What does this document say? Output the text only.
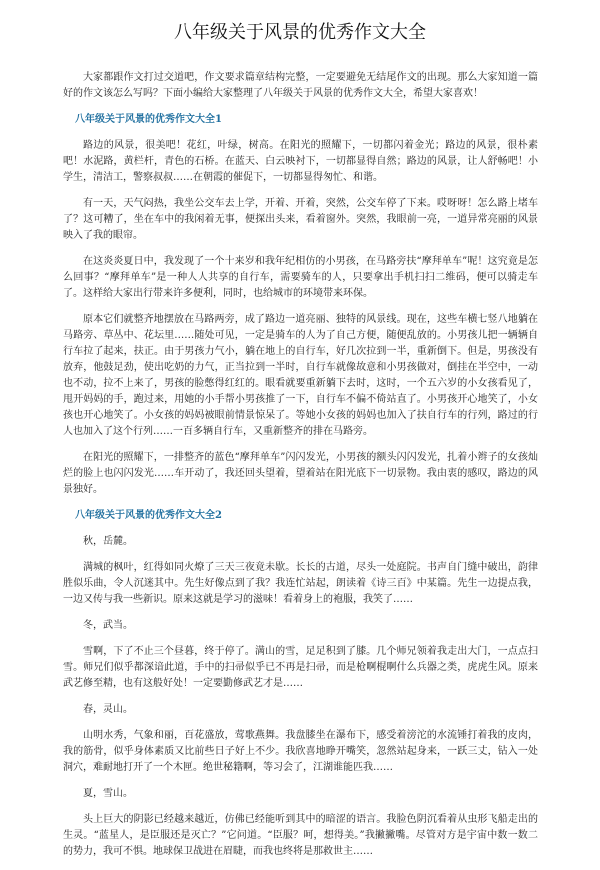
八年级关于风景的优秀作文大全

大家都跟作文打过交道吧，作文要求篇章结构完整，一定要避免无结尾作文的出现。那么大家知道一篇好的作文该怎么写吗？下面小编给大家整理了八年级关于风景的优秀作文大全，希望大家喜欢！

八年级关于风景的优秀作文大全1

路边的风景，很美吧！花红，叶绿，树高。在阳光的照耀下，一切都闪着金光；路边的风景，很朴素吧！水泥路，黄栏杆，青色的石桥。在蓝天、白云映衬下，一切都显得自然；路边的风景，让人舒畅吧！小学生，清洁工，警察叔叔……在朝霞的催促下，一切都显得匆忙、和谐。

有一天，天气闷热，我坐公交车去上学，开着、开着，突然，公交车停了下来。哎呀呀！怎么路上堵车了？这可糟了，坐在车中的我闲着无事，便探出头来，看着窗外。突然，我眼前一亮，一道异常亮丽的风景映入了我的眼帘。

在这炎炎夏日中，我发现了一个十来岁和我年纪相仿的小男孩，在马路旁扶“摩拜单车”呢！这究竟是怎么回事？“摩拜单车”是一种人人共享的自行车，需要骑车的人，只要拿出手机扫扫二维码，便可以骑走车了。这样给大家出行带来许多便利，同时，也给城市的环境带来环保。

原本它们就整齐地摆放在马路两旁，成了路边一道亮丽、独特的风景线。现在，这些车横七竖八地躺在马路旁、草丛中、花坛里……随处可见，一定是骑车的人为了自己方便，随便乱放的。小男孩儿把一辆辆自行车拉了起来，扶正。由于男孩力气小，躺在地上的自行车，好几次拉到一半，重新倒下。但是，男孩没有放弃，他鼓足劲，使出吃奶的力气，正当拉到一半时，自行车就像故意和小男孩做对，倒挂在半空中，一动也不动，拉不上来了，男孩的脸憋得红红的。眼看就要重新躺下去时，这时，一个五六岁的小女孩看见了，甩开妈妈的手，跑过来，用她的小手帮小男孩推了一下，自行车不偏不倚站直了。小男孩开心地笑了，小女孩也开心地笑了。小女孩的妈妈被眼前情景惊呆了。等她小女孩的妈妈也加入了扶自行车的行列，路过的行人也加入了这个行列……一百多辆自行车，又重新整齐的排在马路旁。

在阳光的照耀下，一排整齐的蓝色“摩拜单车”闪闪发光，小男孩的额头闪闪发光，扎着小辫子的女孩灿烂的脸上也闪闪发光……车开动了，我还回头望着，望着站在阳光底下一切景物。我由衷的感叹，路边的风景独好。

八年级关于风景的优秀作文大全2

秋，岳麓。

满城的枫叶，红得如同火燎了三天三夜竟未歇。长长的古道，尽头一处庭院。书声自门缝中破出，韵律胜似乐曲，令人沉迷其中。先生好像点到了我？我连忙站起，朗读着《诗三百》中某篇。先生一边提点我，一边又传与我一些新识。原来这就是学习的滋味！看着身上的袍服，我笑了……

冬，武当。

雪啊，下了不止三个昼暮，终于停了。满山的雪，足足积到了膝。几个师兄领着我走出大门，一点点扫雪。师兄们似乎都深谙此道，手中的扫帚似乎已不再是扫帚，而是枪啊棍啊什么兵器之类，虎虎生风。原来武艺修至精，也有这般好处！一定要勤修武艺才是……

春，灵山。

山明水秀，气象和丽，百花盛放，莺歌燕舞。我盘膝坐在瀑布下，感受着滂沱的水流锤打着我的皮肉，我的筋骨，似乎身体素质又比前些日子好上不少。我欣喜地睁开嘴笑，忽然站起身来，一跃三丈，钻入一处洞穴，难耐地打开了一个木匣。绝世秘籍啊，等习会了，江湖谁能匹我……

夏，雪山。

头上巨大的阴影已经越来越近，仿佛已经能听到其中的暗涩的语言。我脸色阴沉看着从虫形飞船走出的生灵。“蓝星人，是臣服还是灭亡？”它问道。“臣服？呵，想得美。”我撇撇嘴。尽管对方是宇宙中数一数二的势力，我可不惧。地球保卫战进在眉睫，而我也终将是那救世主……
